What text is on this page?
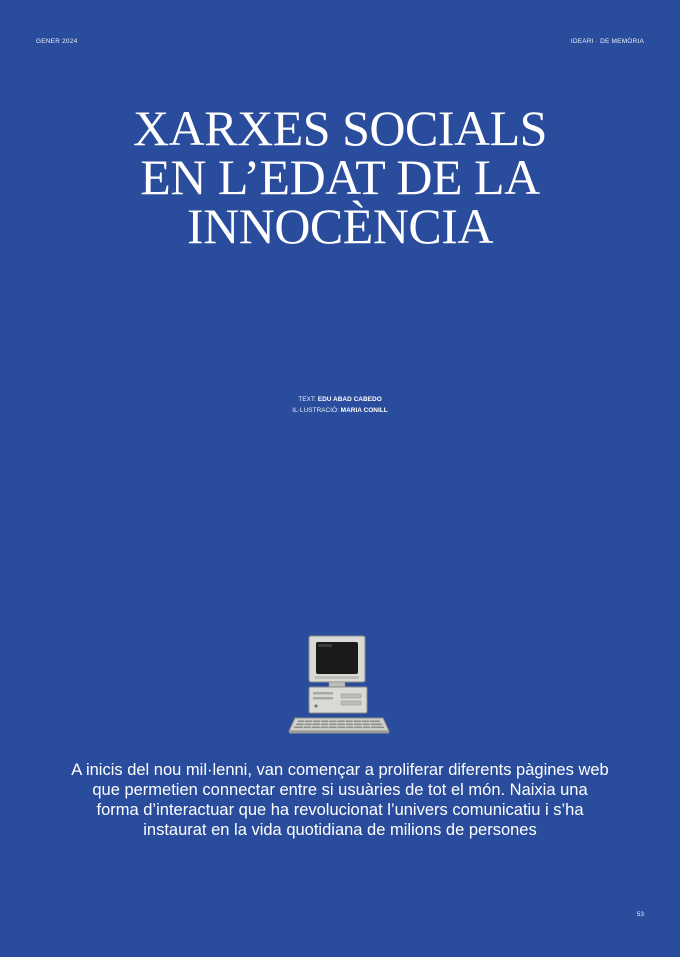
GENER 2024	IDEARI · DE MEMÒRIA
XARXES SOCIALS
EN L’EDAT DE LA
INNOCÈNCIA
TEXT: EDU ABAD CABEDO
IL·LUSTRACIÓ: MARIA CONILL

A inicis del nou mil·lenni, van començar a proliferar diferents pàgines web que permetien connectar entre si usuàries de tot el món. Naixia una forma d’interactuar que ha revolucionat l’univers comunicatiu i s’ha instaurat en la vida quotidiana de milions de persones

53
